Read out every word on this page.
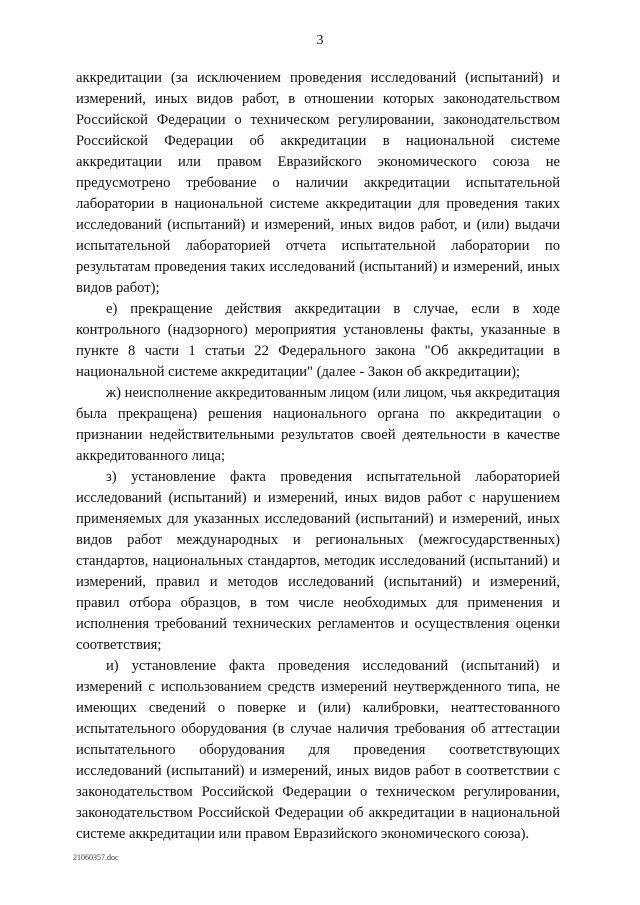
3

аккредитации (за исключением проведения исследований (испытаний) и измерений, иных видов работ, в отношении которых законодательством Российской Федерации о техническом регулировании, законодательством Российской Федерации об аккредитации в национальной системе аккредитации или правом Евразийского экономического союза не предусмотрено требование о наличии аккредитации испытательной лаборатории в национальной системе аккредитации для проведения таких исследований (испытаний) и измерений, иных видов работ, и (или) выдачи испытательной лабораторией отчета испытательной лаборатории по результатам проведения таких исследований (испытаний) и измерений, иных видов работ);

е) прекращение действия аккредитации в случае, если в ходе контрольного (надзорного) мероприятия установлены факты, указанные в пункте 8 части 1 статьи 22 Федерального закона "Об аккредитации в национальной системе аккредитации" (далее - Закон об аккредитации);

ж) неисполнение аккредитованным лицом (или лицом, чья аккредитация была прекращена) решения национального органа по аккредитации о признании недействительными результатов своей деятельности в качестве аккредитованного лица;

з) установление факта проведения испытательной лабораторией исследований (испытаний) и измерений, иных видов работ с нарушением применяемых для указанных исследований (испытаний) и измерений, иных видов работ международных и региональных (межгосударственных) стандартов, национальных стандартов, методик исследований (испытаний) и измерений, правил и методов исследований (испытаний) и измерений, правил отбора образцов, в том числе необходимых для применения и исполнения требований технических регламентов и осуществления оценки соответствия;

и) установление факта проведения исследований (испытаний) и измерений с использованием средств измерений неутвержденного типа, не имеющих сведений о поверке и (или) калибровки, неаттестованного испытательного оборудования (в случае наличия требования об аттестации испытательного оборудования для проведения соответствующих исследований (испытаний) и измерений, иных видов работ в соответствии с законодательством Российской Федерации о техническом регулировании, законодательством Российской Федерации об аккредитации в национальной системе аккредитации или правом Евразийского экономического союза).

21060357.doc
